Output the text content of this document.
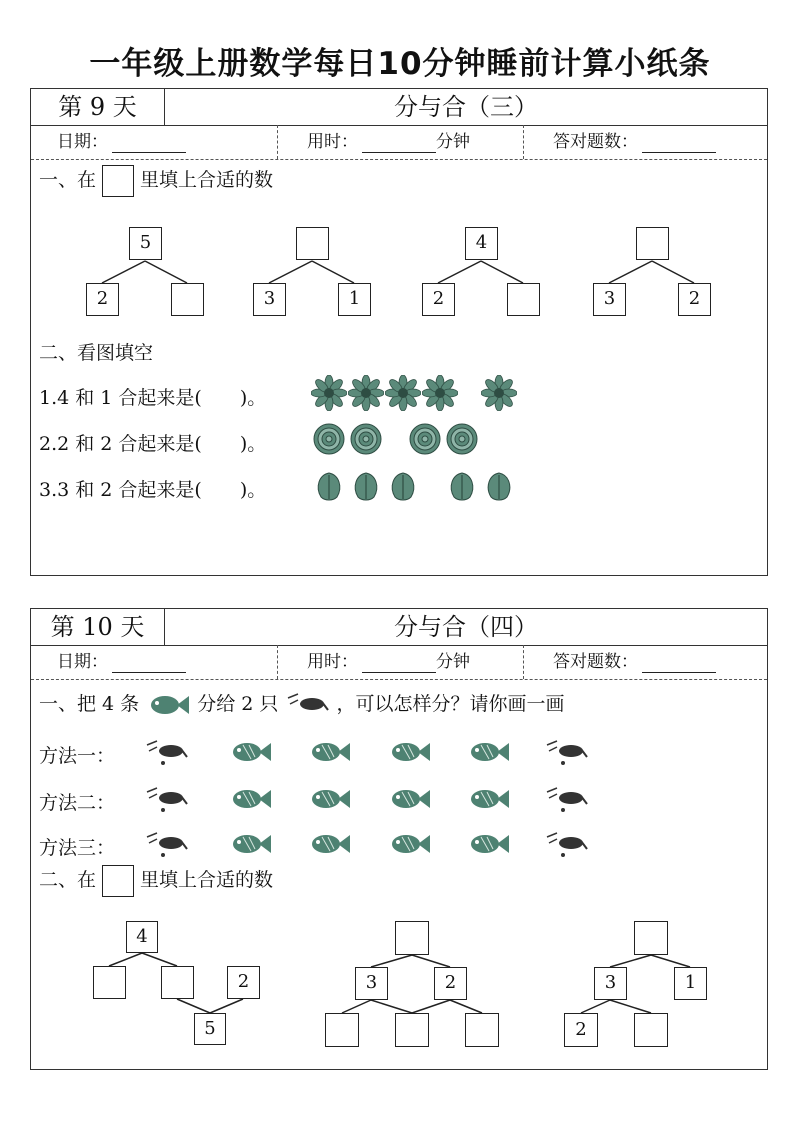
一年级上册数学每日10分钟睡前计算小纸条
第 9 天	分与合（三）
日期：	用时：	分钟	答对题数：
一、在 里填上合适的数
5
2	3	1
4
2	3	2
二、看图填空
1.4 和 1 合起来是(　　)。
2.2 和 2 合起来是(　　)。
3.3 和 2 合起来是(　　)。
第 10 天	分与合（四）
日期：	用时：	分钟	答对题数：
一、把 4 条	分给 2 只	，可以怎样分？请你画一画
方法一：
方法二：
方法三：
二、在 里填上合适的数
4
2
5
3	2	3	1
2
